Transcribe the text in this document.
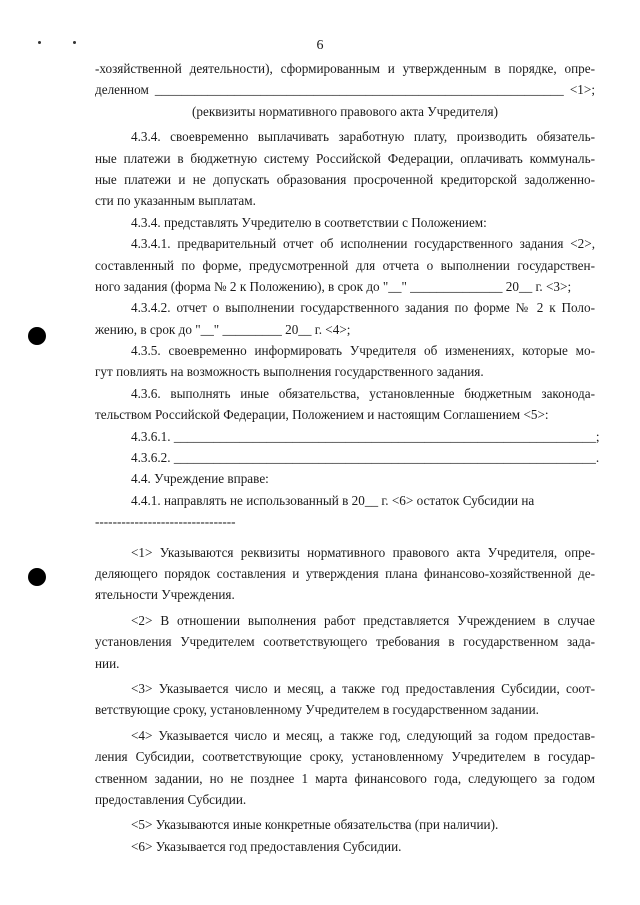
6
-хозяйственной деятельности), сформированным и утвержденным в порядке, опре-
деленном ______________________________________________________________ <1>;
(реквизиты нормативного правового акта Учредителя)
4.3.4. своевременно выплачивать заработную плату, производить обязатель-
ные платежи в бюджетную систему Российской Федерации, оплачивать коммуналь-
ные платежи и не допускать образования просроченной кредиторской задолженно-
сти по указанным выплатам.
4.3.4. представлять Учредителю в соответствии с Положением:
4.3.4.1. предварительный отчет об исполнении государственного задания <2>,
составленный по форме, предусмотренной для отчета о выполнении государствен-
ного задания (форма № 2 к Положению), в срок до "__" ______________ 20__ г. <3>;
4.3.4.2. отчет о выполнении государственного задания по форме № 2 к Поло-
жению, в срок до "__" _________ 20__ г. <4>;
4.3.5. своевременно информировать Учредителя об изменениях, которые мо-
гут повлиять на возможность выполнения государственного задания.
4.3.6. выполнять иные обязательства, установленные бюджетным законода-
тельством Российской Федерации, Положением и настоящим Соглашением <5>:
4.3.6.1. ________________________________________________________________;
4.3.6.2. ________________________________________________________________.
4.4. Учреждение вправе:
4.4.1. направлять не использованный в 20__ г. <6> остаток Субсидии на
--------------------------------
<1> Указываются реквизиты нормативного правового акта Учредителя, опре-
деляющего порядок составления и утверждения плана финансово-хозяйственной де-
ятельности Учреждения.
<2> В отношении выполнения работ представляется Учреждением в случае
установления Учредителем соответствующего требования в государственном зада-
нии.
<3> Указывается число и месяц, а также год предоставления Субсидии, соот-
ветствующие сроку, установленному Учредителем в государственном задании.
<4> Указывается число и месяц, а также год, следующий за годом предостав-
ления Субсидии, соответствующие сроку, установленному Учредителем в государ-
ственном задании, но не позднее 1 марта финансового года, следующего за годом
предоставления Субсидии.
<5> Указываются иные конкретные обязательства (при наличии).
<6> Указывается год предоставления Субсидии.
